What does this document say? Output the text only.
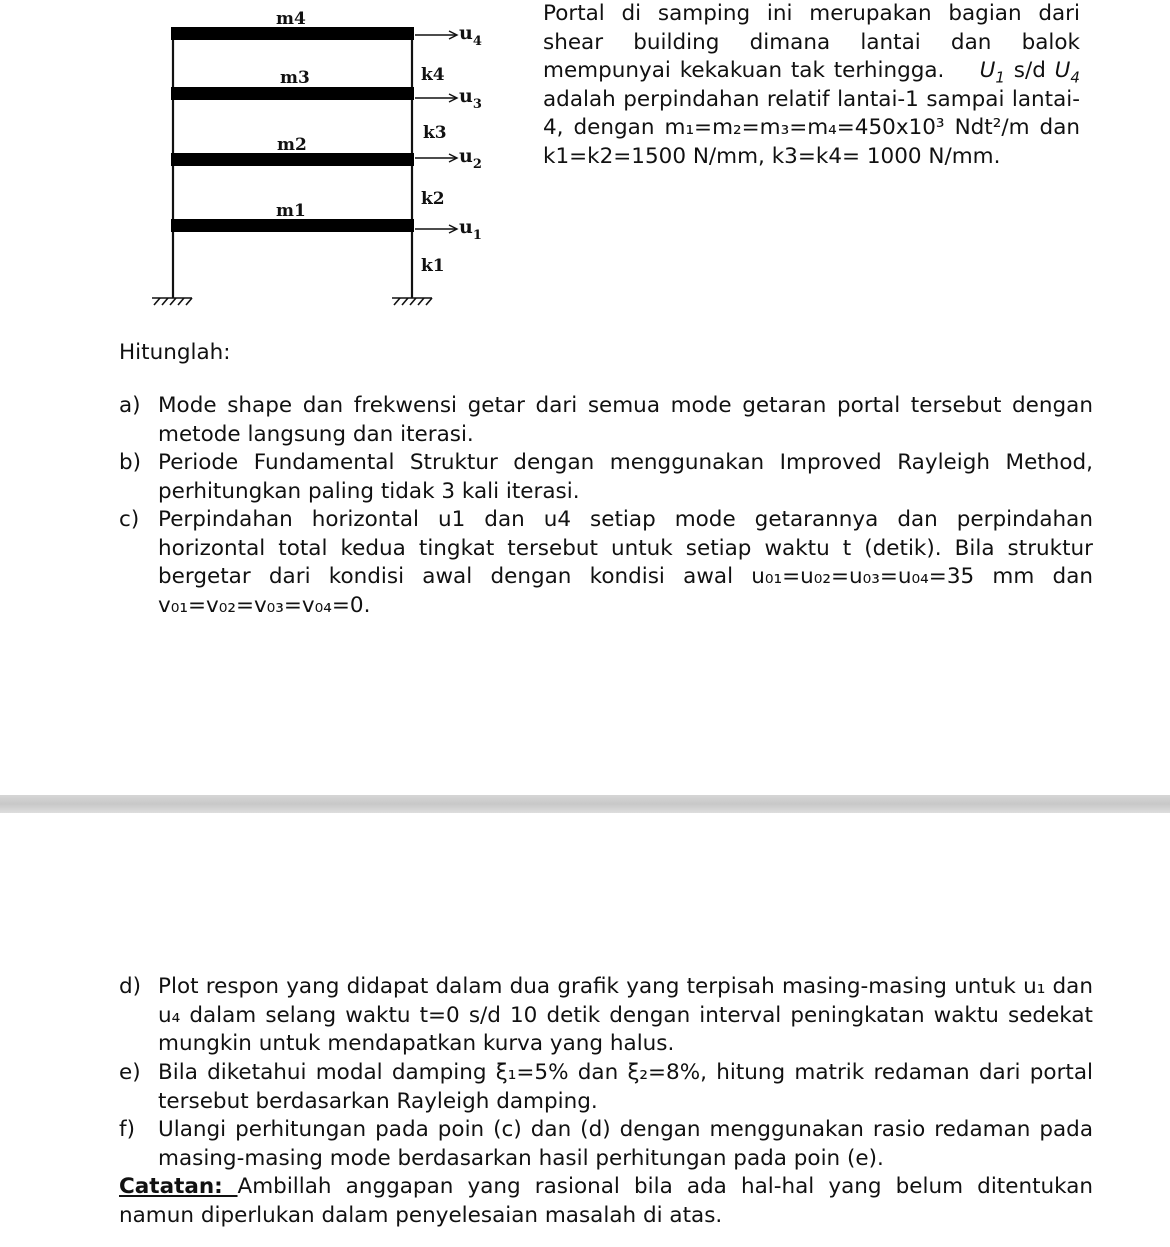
m4
m3
m2
m1
k4
k3
k2
k1
$u_4$
$u_3$
$u_2$
$u_1$
Portal di samping ini merupakan bagian dari shear building dimana lantai dan balok mempunyai kekakuan tak terhingga. $U_1$ s/d $U_4$ adalah perpindahan relatif lantai-1 sampai lantai-4, dengan m₁=m₂=m₃=m₄=450x10³ Ndt²/m dan k1=k2=1500 N/mm, k3=k4= 1000 N/mm.
Hitunglah:
a) Mode shape dan frekwensi getar dari semua mode getaran portal tersebut dengan metode langsung dan iterasi.
b) Periode Fundamental Struktur dengan menggunakan Improved Rayleigh Method, perhitungkan paling tidak 3 kali iterasi.
c) Perpindahan horizontal u1 dan u4 setiap mode getarannya dan perpindahan horizontal total kedua tingkat tersebut untuk setiap waktu t (detik). Bila struktur bergetar dari kondisi awal dengan kondisi awal u₀₁=u₀₂=u₀₃=u₀₄=35 mm dan v₀₁=v₀₂=v₀₃=v₀₄=0.
d) Plot respon yang didapat dalam dua grafik yang terpisah masing-masing untuk u₁ dan u₄ dalam selang waktu t=0 s/d 10 detik dengan interval peningkatan waktu sedekat mungkin untuk mendapatkan kurva yang halus.
e) Bila diketahui modal damping ξ₁=5% dan ξ₂=8%, hitung matrik redaman dari portal tersebut berdasarkan Rayleigh damping.
f) Ulangi perhitungan pada poin (c) dan (d) dengan menggunakan rasio redaman pada masing-masing mode berdasarkan hasil perhitungan pada poin (e).
Catatan: Ambillah anggapan yang rasional bila ada hal-hal yang belum ditentukan namun diperlukan dalam penyelesaian masalah di atas.
